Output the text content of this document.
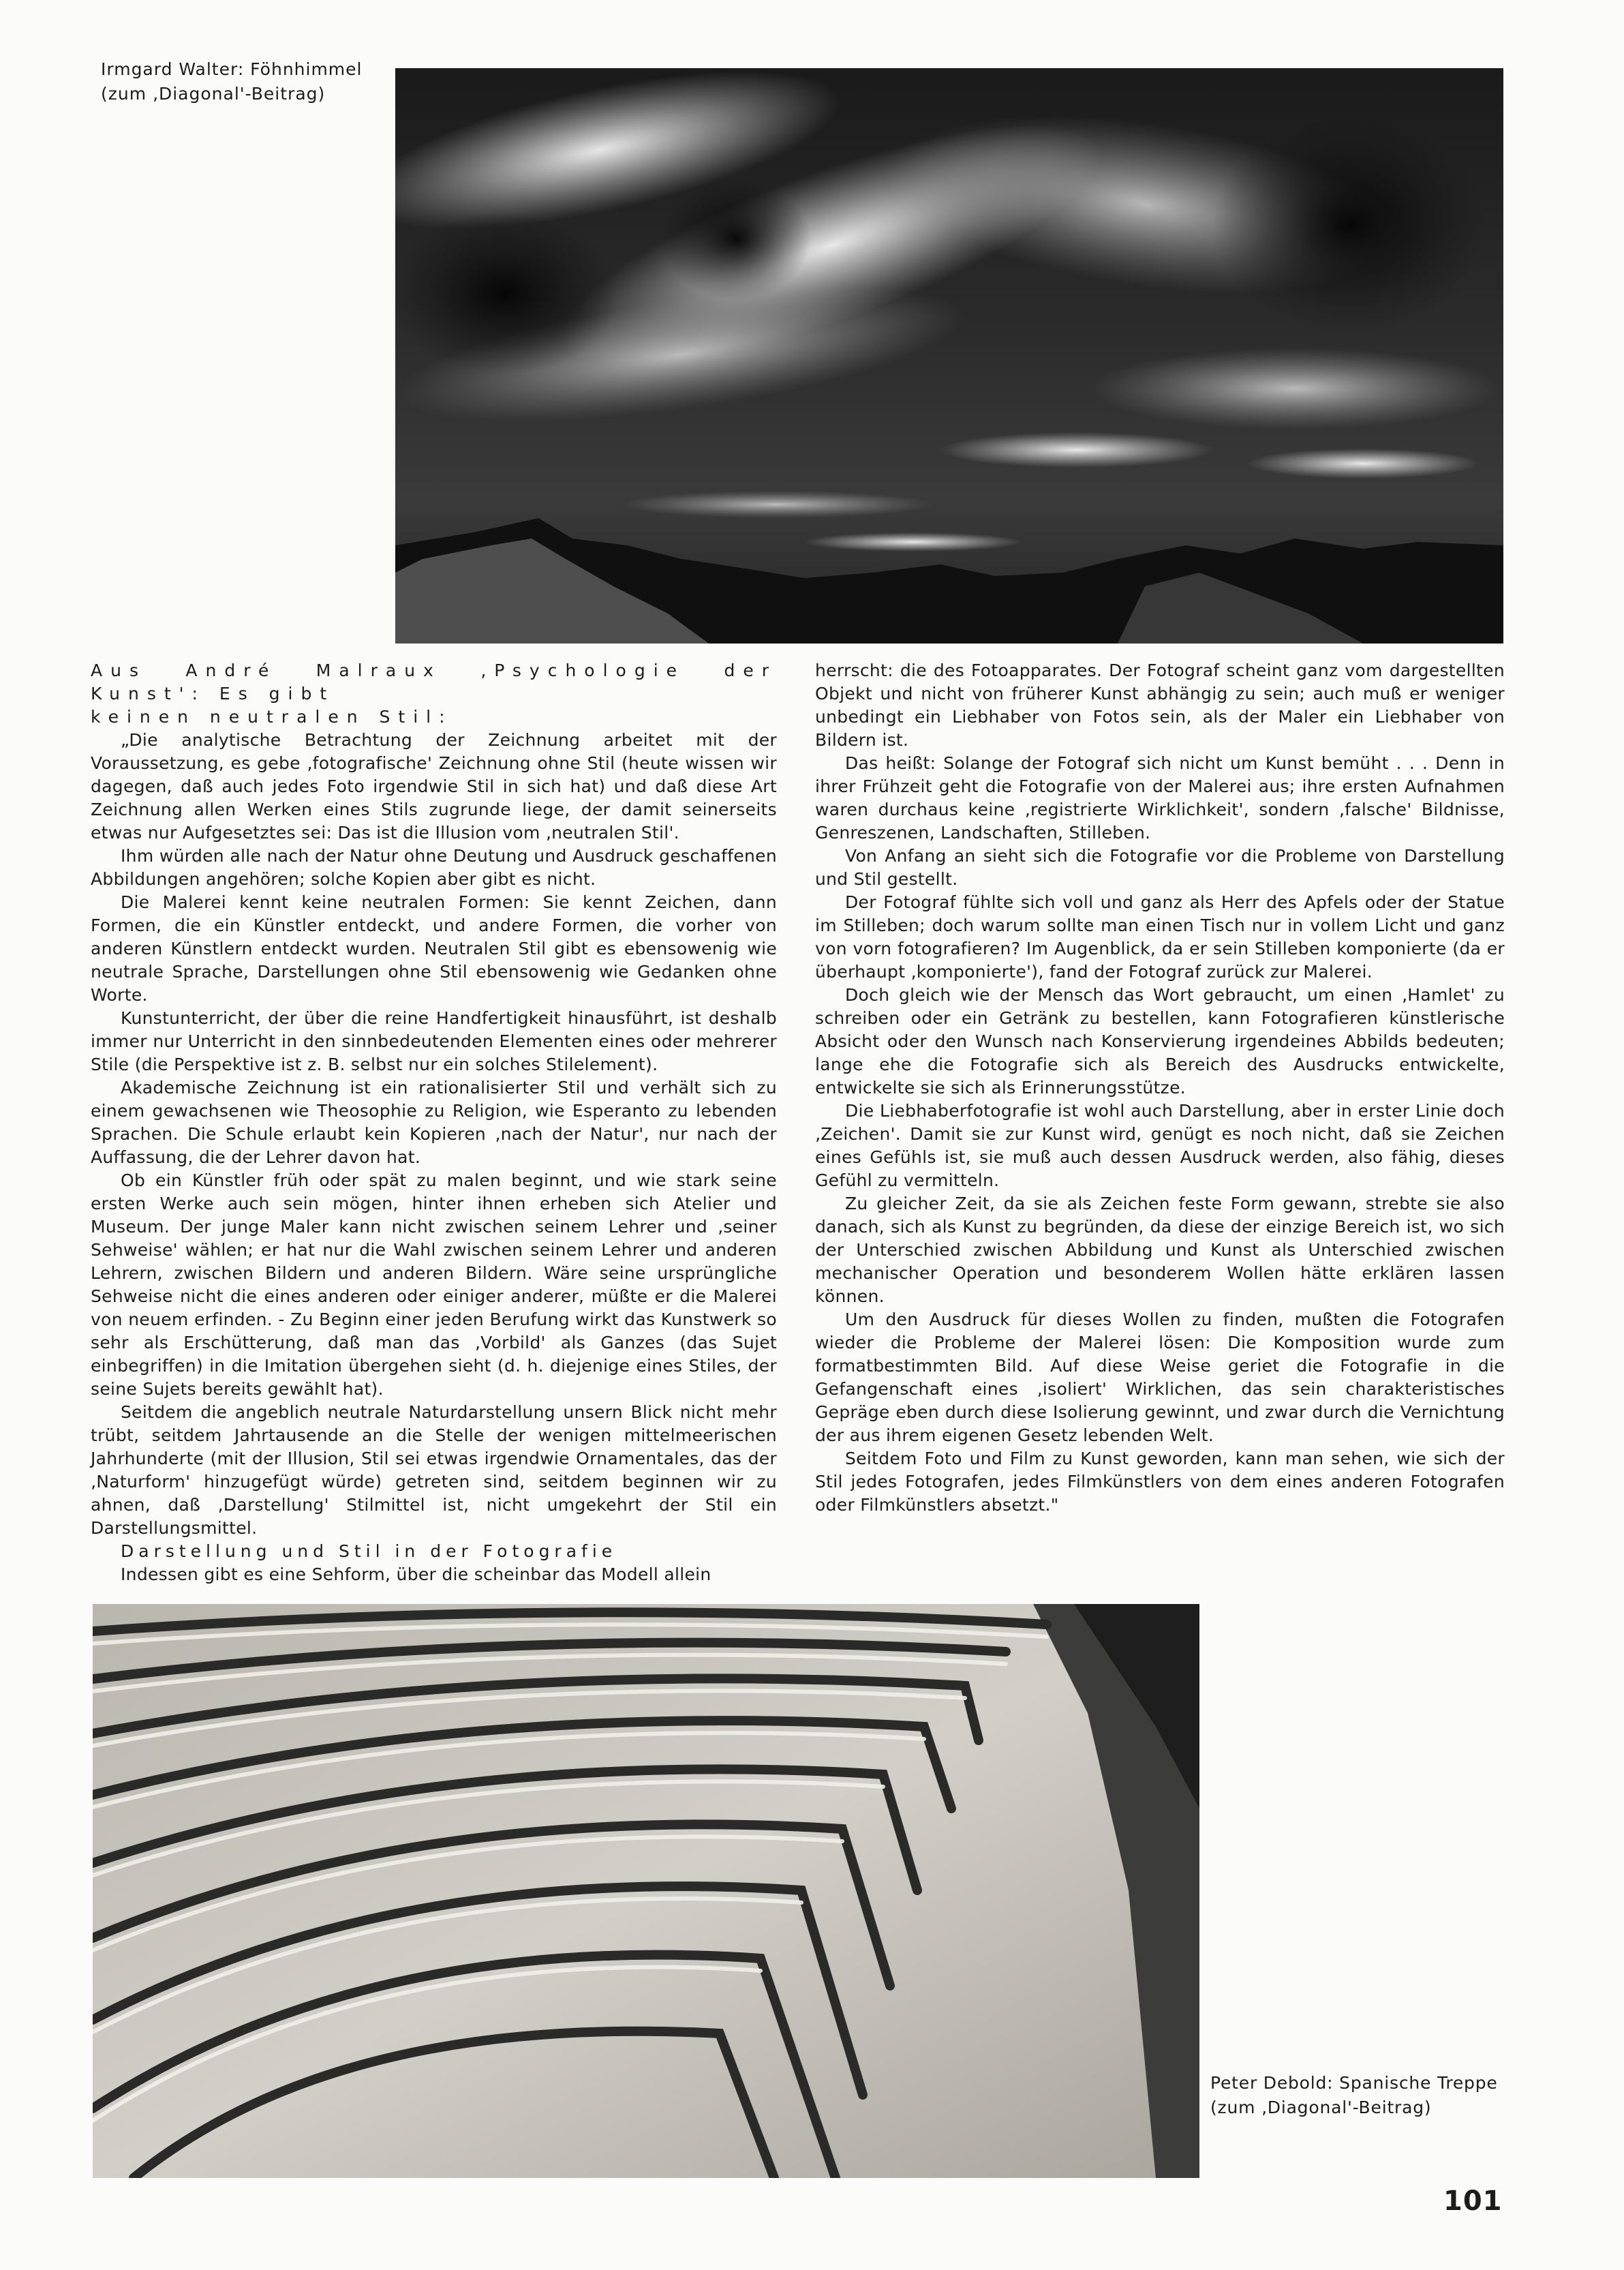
Irmgard Walter: Föhnhimmel
(zum ‚Diagonal'-Beitrag)

Aus André Malraux ‚Psychologie der Kunst': Es gibt

keinen neutralen Stil:

„Die analytische Betrachtung der Zeichnung arbeitet mit der Voraussetzung, es gebe ‚fotografische' Zeichnung ohne Stil (heute wissen wir dagegen, daß auch jedes Foto irgendwie Stil in sich hat) und daß diese Art Zeichnung allen Werken eines Stils zugrunde liege, der damit seinerseits etwas nur Aufgesetztes sei: Das ist die Illusion vom ‚neutralen Stil'.

Ihm würden alle nach der Natur ohne Deutung und Ausdruck geschaffenen Abbildungen angehören; solche Kopien aber gibt es nicht.

Die Malerei kennt keine neutralen Formen: Sie kennt Zeichen, dann Formen, die ein Künstler entdeckt, und andere Formen, die vorher von anderen Künstlern entdeckt wurden. Neutralen Stil gibt es ebensowenig wie neutrale Sprache, Darstellungen ohne Stil ebensowenig wie Gedanken ohne Worte.

Kunstunterricht, der über die reine Handfertigkeit hinausführt, ist deshalb immer nur Unterricht in den sinnbedeutenden Elementen eines oder mehrerer Stile (die Perspektive ist z. B. selbst nur ein solches Stilelement).

Akademische Zeichnung ist ein rationalisierter Stil und verhält sich zu einem gewachsenen wie Theosophie zu Religion, wie Esperanto zu lebenden Sprachen. Die Schule erlaubt kein Kopieren ‚nach der Natur', nur nach der Auffassung, die der Lehrer davon hat.

Ob ein Künstler früh oder spät zu malen beginnt, und wie stark seine ersten Werke auch sein mögen, hinter ihnen erheben sich Atelier und Museum. Der junge Maler kann nicht zwischen seinem Lehrer und ‚seiner Sehweise' wählen; er hat nur die Wahl zwischen seinem Lehrer und anderen Lehrern, zwischen Bildern und anderen Bildern. Wäre seine ursprüngliche Sehweise nicht die eines anderen oder einiger anderer, müßte er die Malerei von neuem erfinden. - Zu Beginn einer jeden Berufung wirkt das Kunstwerk so sehr als Erschütterung, daß man das ‚Vorbild' als Ganzes (das Sujet einbegriffen) in die Imitation übergehen sieht (d. h. diejenige eines Stiles, der seine Sujets bereits gewählt hat).

Seitdem die angeblich neutrale Naturdarstellung unsern Blick nicht mehr trübt, seitdem Jahrtausende an die Stelle der wenigen mittelmeerischen Jahrhunderte (mit der Illusion, Stil sei etwas irgendwie Ornamentales, das der ‚Naturform' hinzugefügt würde) getreten sind, seitdem beginnen wir zu ahnen, daß ‚Darstellung' Stilmittel ist, nicht umgekehrt der Stil ein Darstellungsmittel.

Darstellung und Stil in der Fotografie

Indessen gibt es eine Sehform, über die scheinbar das Modell allein

herrscht: die des Fotoapparates. Der Fotograf scheint ganz vom dargestellten Objekt und nicht von früherer Kunst abhängig zu sein; auch muß er weniger unbedingt ein Liebhaber von Fotos sein, als der Maler ein Liebhaber von Bildern ist.

Das heißt: Solange der Fotograf sich nicht um Kunst bemüht . . . Denn in ihrer Frühzeit geht die Fotografie von der Malerei aus; ihre ersten Aufnahmen waren durchaus keine ‚registrierte Wirklichkeit', sondern ‚falsche' Bildnisse, Genreszenen, Landschaften, Stilleben.

Von Anfang an sieht sich die Fotografie vor die Probleme von Darstellung und Stil gestellt.

Der Fotograf fühlte sich voll und ganz als Herr des Apfels oder der Statue im Stilleben; doch warum sollte man einen Tisch nur in vollem Licht und ganz von vorn fotografieren? Im Augenblick, da er sein Stilleben komponierte (da er überhaupt ‚komponierte'), fand der Fotograf zurück zur Malerei.

Doch gleich wie der Mensch das Wort gebraucht, um einen ‚Hamlet' zu schreiben oder ein Getränk zu bestellen, kann Fotografieren künstlerische Absicht oder den Wunsch nach Konservierung irgendeines Abbilds bedeuten; lange ehe die Fotografie sich als Bereich des Ausdrucks entwickelte, entwickelte sie sich als Erinnerungsstütze.

Die Liebhaberfotografie ist wohl auch Darstellung, aber in erster Linie doch ‚Zeichen'. Damit sie zur Kunst wird, genügt es noch nicht, daß sie Zeichen eines Gefühls ist, sie muß auch dessen Ausdruck werden, also fähig, dieses Gefühl zu vermitteln.

Zu gleicher Zeit, da sie als Zeichen feste Form gewann, strebte sie also danach, sich als Kunst zu begründen, da diese der einzige Bereich ist, wo sich der Unterschied zwischen Abbildung und Kunst als Unterschied zwischen mechanischer Operation und besonderem Wollen hätte erklären lassen können.

Um den Ausdruck für dieses Wollen zu finden, mußten die Fotografen wieder die Probleme der Malerei lösen: Die Komposition wurde zum formatbestimmten Bild. Auf diese Weise geriet die Fotografie in die Gefangenschaft eines ‚isoliert' Wirklichen, das sein charakteristisches Gepräge eben durch diese Isolierung gewinnt, und zwar durch die Vernichtung der aus ihrem eigenen Gesetz lebenden Welt.

Seitdem Foto und Film zu Kunst geworden, kann man sehen, wie sich der Stil jedes Fotografen, jedes Filmkünstlers von dem eines anderen Fotografen oder Filmkünstlers absetzt."

Peter Debold: Spanische Treppe
(zum ‚Diagonal'-Beitrag)
101
